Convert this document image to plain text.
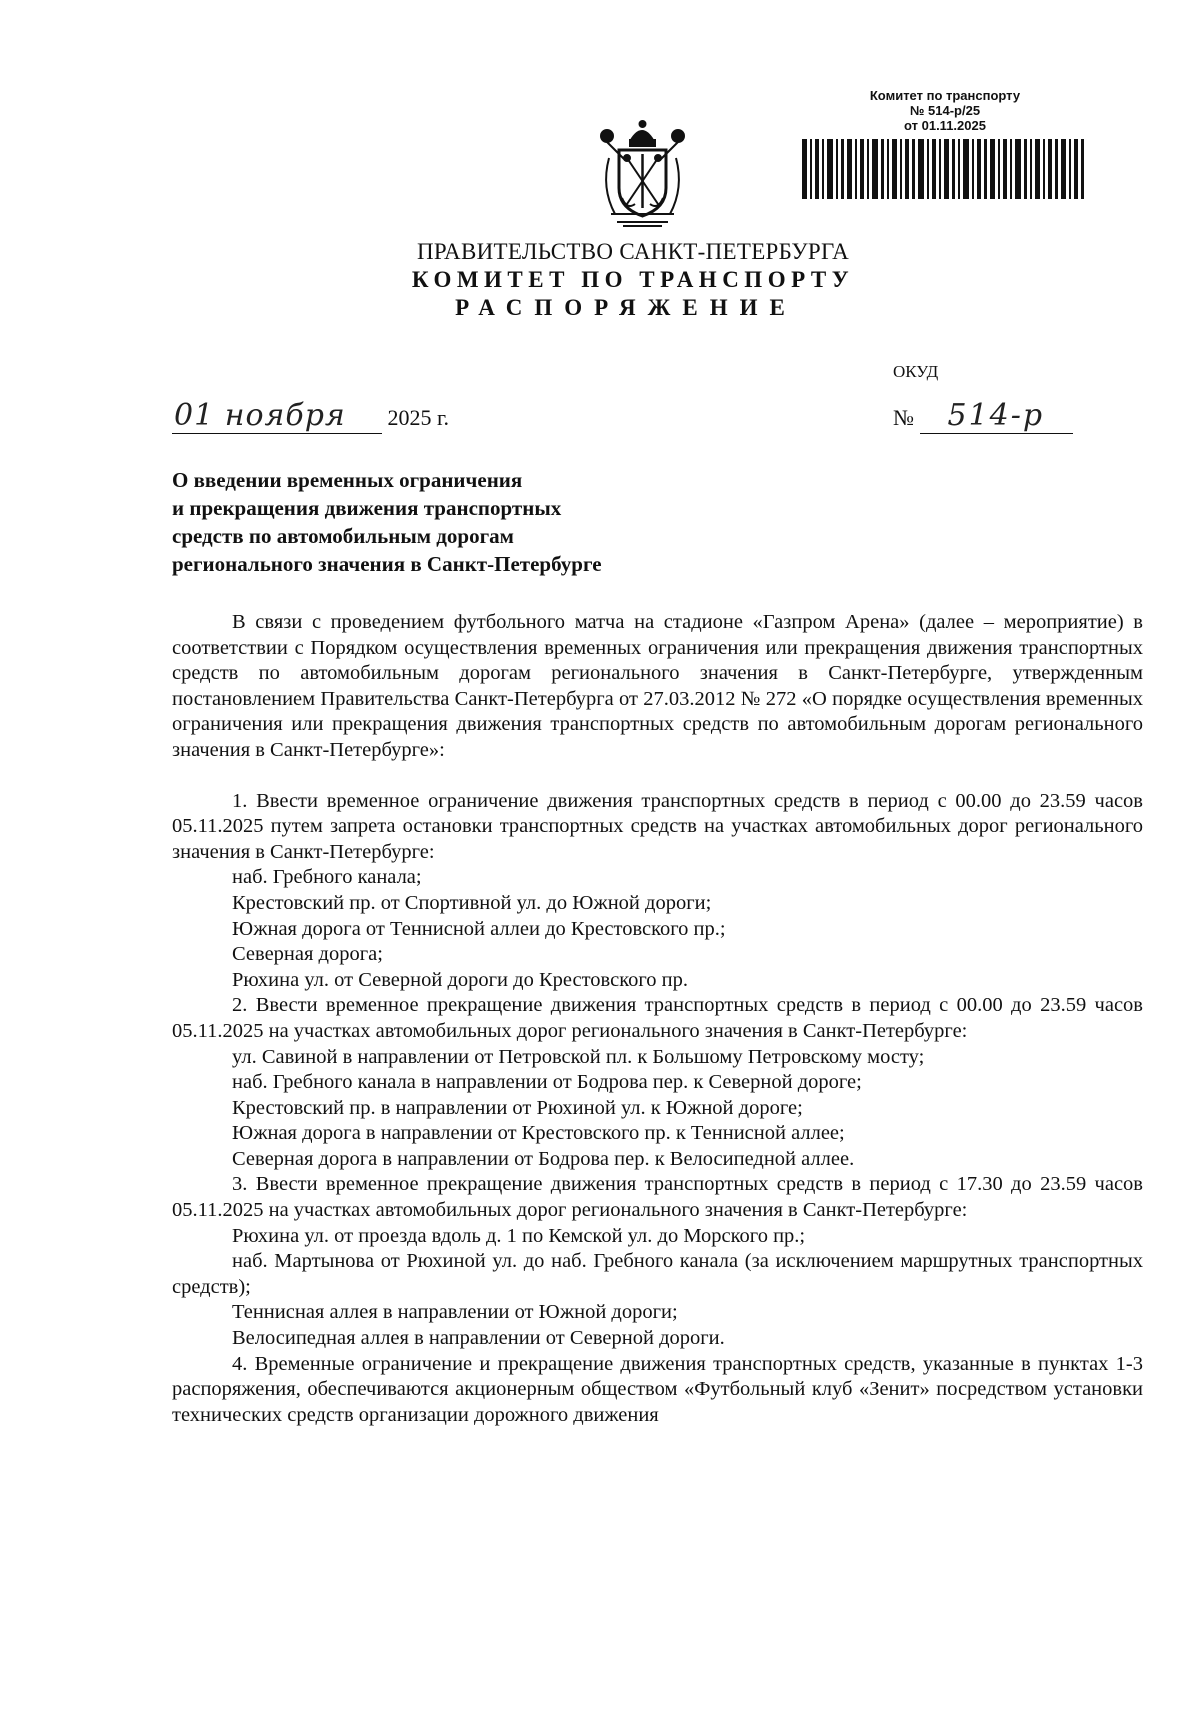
Комитет по транспорту
№ 514-р/25
от 01.11.2025
ПРАВИТЕЛЬСТВО САНКТ-ПЕТЕРБУРГА
КОМИТЕТ ПО ТРАНСПОРТУ
РАСПОРЯЖЕНИЕ
ОКУД
01 ноября 2025 г.	№ 514-р
О введении временных ограничения
и прекращения движения транспортных
средств по автомобильным дорогам
регионального значения в Санкт-Петербурге

В связи с проведением футбольного матча на стадионе «Газпром Арена» (далее – мероприятие) в соответствии с Порядком осуществления временных ограничения или прекращения движения транспортных средств по автомобильным дорогам регионального значения в Санкт-Петербурге, утвержденным постановлением Правительства Санкт-Петербурга от 27.03.2012 № 272 «О порядке осуществления временных ограничения или прекращения движения транспортных средств по автомобильным дорогам регионального значения в Санкт-Петербурге»:

1. Ввести временное ограничение движения транспортных средств в период с 00.00 до 23.59 часов 05.11.2025 путем запрета остановки транспортных средств на участках автомобильных дорог регионального значения в Санкт-Петербурге:

наб. Гребного канала;

Крестовский пр. от Спортивной ул. до Южной дороги;

Южная дорога от Теннисной аллеи до Крестовского пр.;

Северная дорога;

Рюхина ул. от Северной дороги до Крестовского пр.

2. Ввести временное прекращение движения транспортных средств в период с 00.00 до 23.59 часов 05.11.2025 на участках автомобильных дорог регионального значения в Санкт-Петербурге:

ул. Савиной в направлении от Петровской пл. к Большому Петровскому мосту;

наб. Гребного канала в направлении от Бодрова пер. к Северной дороге;

Крестовский пр. в направлении от Рюхиной ул. к Южной дороге;

Южная дорога в направлении от Крестовского пр. к Теннисной аллее;

Северная дорога в направлении от Бодрова пер. к Велосипедной аллее.

3. Ввести временное прекращение движения транспортных средств в период с 17.30 до 23.59 часов 05.11.2025 на участках автомобильных дорог регионального значения в Санкт-Петербурге:

Рюхина ул. от проезда вдоль д. 1 по Кемской ул. до Морского пр.;

наб. Мартынова от Рюхиной ул. до наб. Гребного канала (за исключением маршрутных транспортных средств);

Теннисная аллея в направлении от Южной дороги;

Велосипедная аллея в направлении от Северной дороги.

4. Временные ограничение и прекращение движения транспортных средств, указанные в пунктах 1-3 распоряжения, обеспечиваются акционерным обществом «Футбольный клуб «Зенит» посредством установки технических средств организации дорожного движения
